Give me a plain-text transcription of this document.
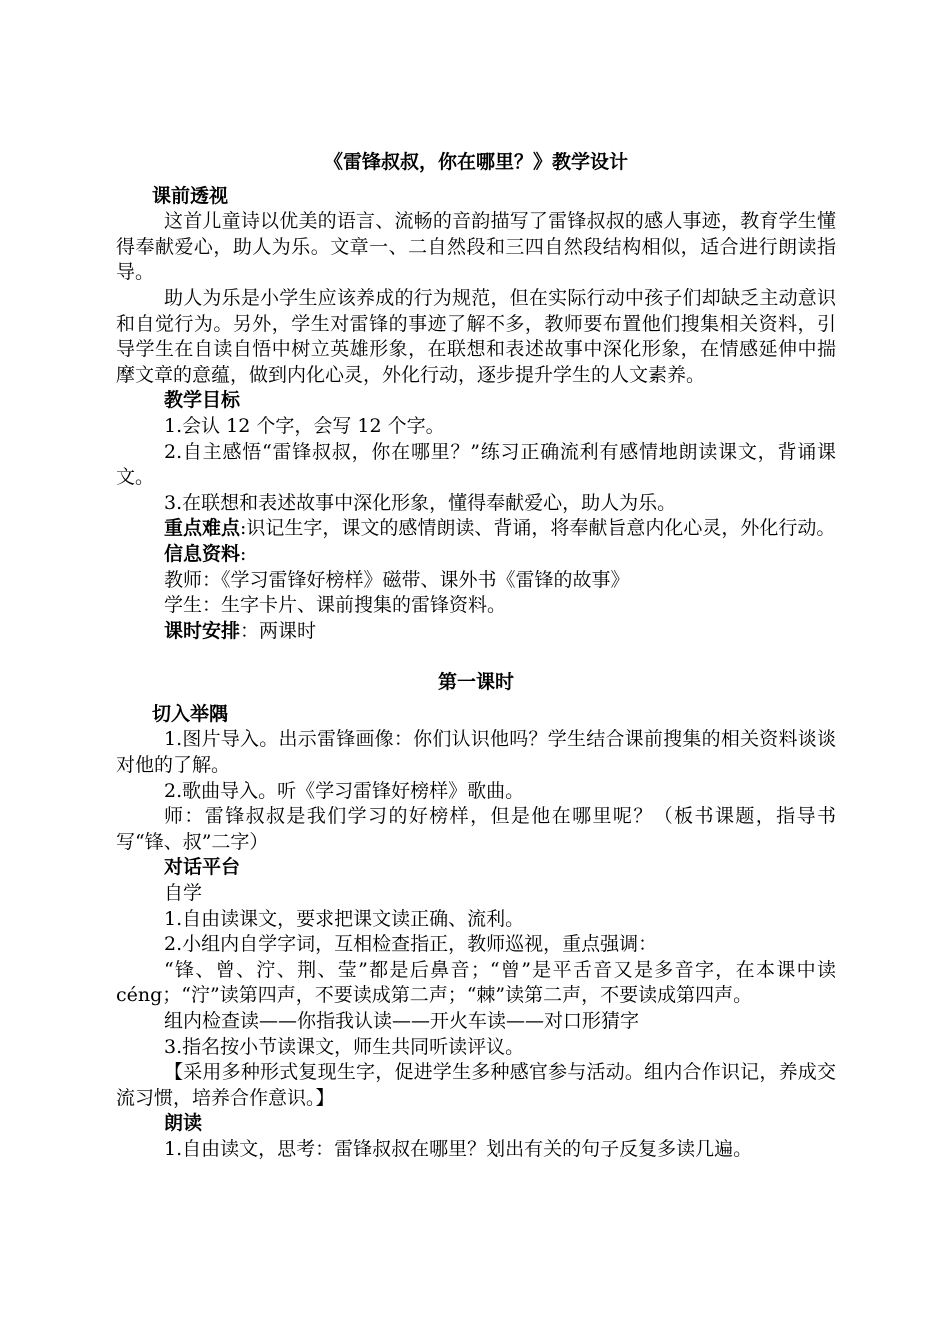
《雷锋叔叔，你在哪里？》教学设计
课前透视

这首儿童诗以优美的语言、流畅的音韵描写了雷锋叔叔的感人事迹，教育学生懂得奉献爱心，助人为乐。文章一、二自然段和三四自然段结构相似，适合进行朗读指导。

助人为乐是小学生应该养成的行为规范，但在实际行动中孩子们却缺乏主动意识和自觉行为。另外，学生对雷锋的事迹了解不多，教师要布置他们搜集相关资料，引导学生在自读自悟中树立英雄形象，在联想和表述故事中深化形象，在情感延伸中揣摩文章的意蕴，做到内化心灵，外化行动，逐步提升学生的人文素养。

教学目标

1.会认 12 个字，会写 12 个字。

2.自主感悟“雷锋叔叔，你在哪里？”练习正确流利有感情地朗读课文，背诵课文。

3.在联想和表述故事中深化形象，懂得奉献爱心，助人为乐。

重点难点:识记生字，课文的感情朗读、背诵，将奉献旨意内化心灵，外化行动。

信息资料:

教师：《学习雷锋好榜样》磁带、课外书《雷锋的故事》

学生：生字卡片、课前搜集的雷锋资料。

课时安排：两课时

第一课时
切入举隅

1.图片导入。出示雷锋画像：你们认识他吗？学生结合课前搜集的相关资料谈谈对他的了解。

2.歌曲导入。听《学习雷锋好榜样》歌曲。

师：雷锋叔叔是我们学习的好榜样，但是他在哪里呢？（板书课题，指导书写“锋、叔”二字）

对话平台

自学

1.自由读课文，要求把课文读正确、流利。

2.小组内自学字词，互相检查指正，教师巡视，重点强调：

“锋、曾、泞、荆、莹”都是后鼻音；“曾”是平舌音又是多音字，在本课中读céng；“泞”读第四声，不要读成第二声；“棘”读第二声，不要读成第四声。

组内检查读——你指我认读——开火车读——对口形猜字

3.指名按小节读课文，师生共同听读评议。

【采用多种形式复现生字，促进学生多种感官参与活动。组内合作识记，养成交流习惯，培养合作意识。】

朗读

1.自由读文，思考：雷锋叔叔在哪里？划出有关的句子反复多读几遍。
